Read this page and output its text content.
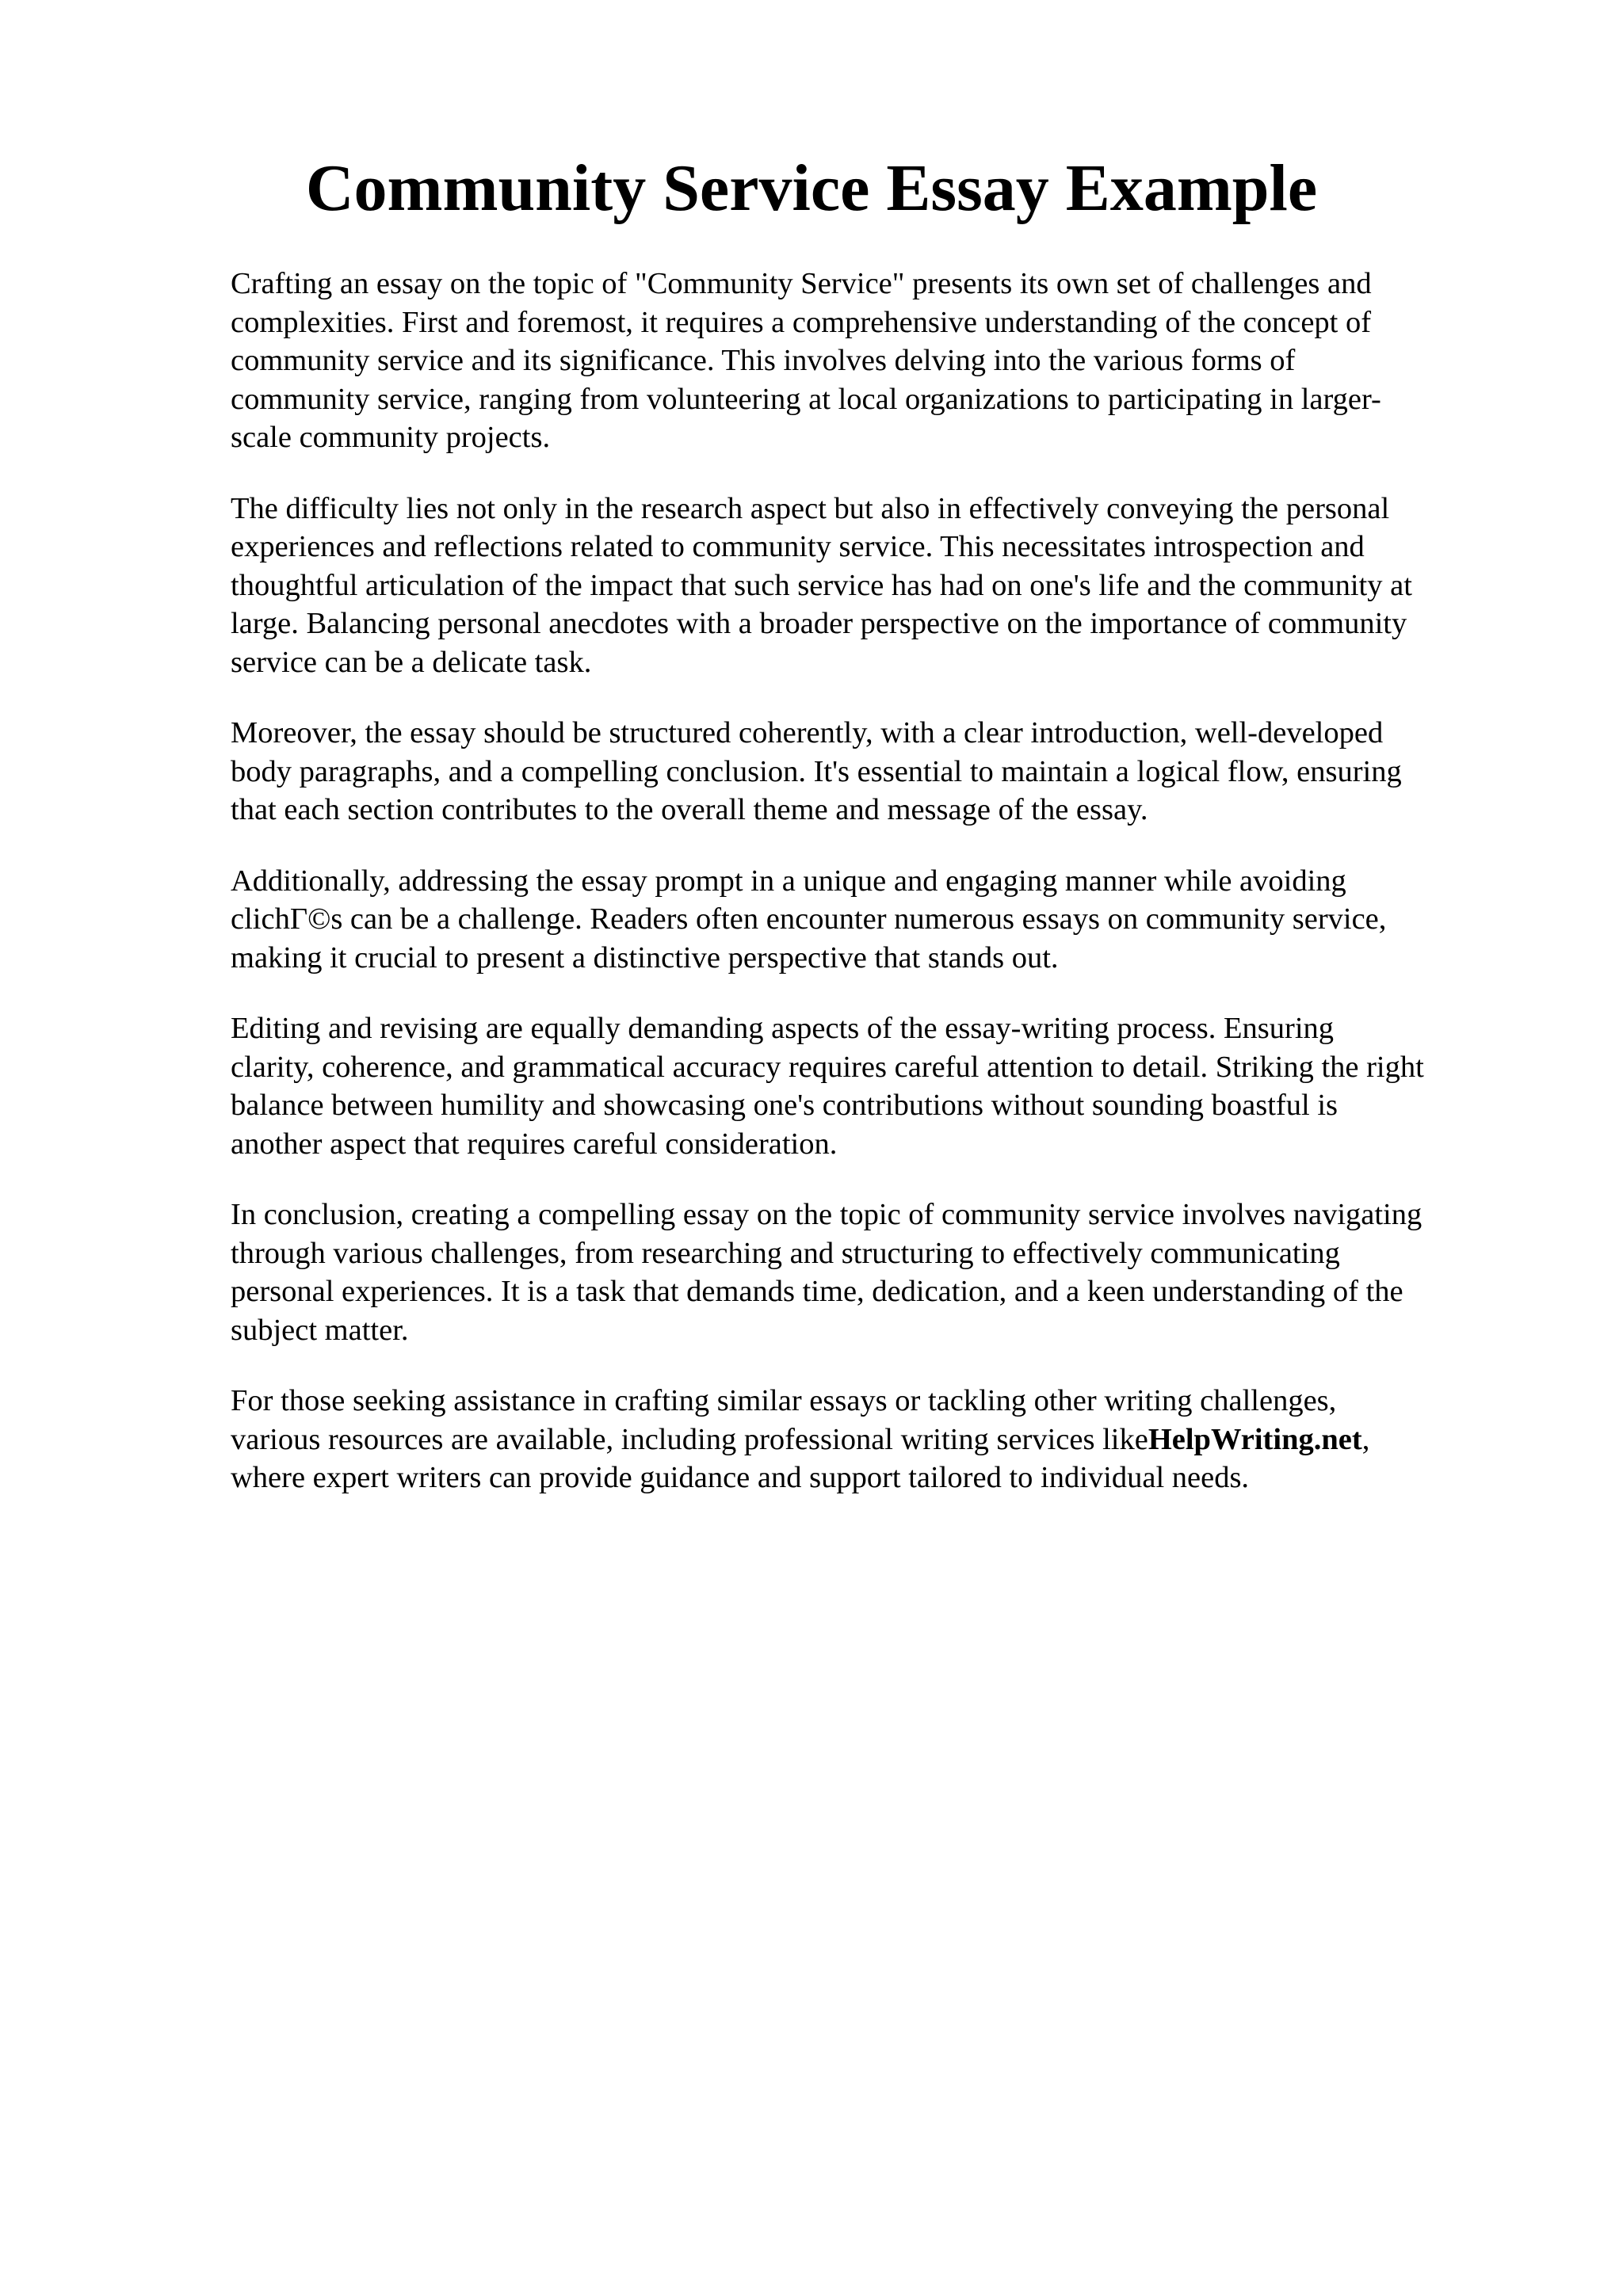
Community Service Essay Example

Crafting an essay on the topic of "Community Service" presents its own set of challenges and
complexities. First and foremost, it requires a comprehensive understanding of the concept of
community service and its significance. This involves delving into the various forms of
community service, ranging from volunteering at local organizations to participating in larger-
scale community projects.

The difficulty lies not only in the research aspect but also in effectively conveying the personal
experiences and reflections related to community service. This necessitates introspection and
thoughtful articulation of the impact that such service has had on one's life and the community at
large. Balancing personal anecdotes with a broader perspective on the importance of community
service can be a delicate task.

Moreover, the essay should be structured coherently, with a clear introduction, well-developed
body paragraphs, and a compelling conclusion. It's essential to maintain a logical flow, ensuring
that each section contributes to the overall theme and message of the essay.

Additionally, addressing the essay prompt in a unique and engaging manner while avoiding
clichΓ©s can be a challenge. Readers often encounter numerous essays on community service,
making it crucial to present a distinctive perspective that stands out.

Editing and revising are equally demanding aspects of the essay-writing process. Ensuring
clarity, coherence, and grammatical accuracy requires careful attention to detail. Striking the right
balance between humility and showcasing one's contributions without sounding boastful is
another aspect that requires careful consideration.

In conclusion, creating a compelling essay on the topic of community service involves navigating
through various challenges, from researching and structuring to effectively communicating
personal experiences. It is a task that demands time, dedication, and a keen understanding of the
subject matter.

For those seeking assistance in crafting similar essays or tackling other writing challenges,
various resources are available, including professional writing services likeHelpWriting.net,
where expert writers can provide guidance and support tailored to individual needs.
